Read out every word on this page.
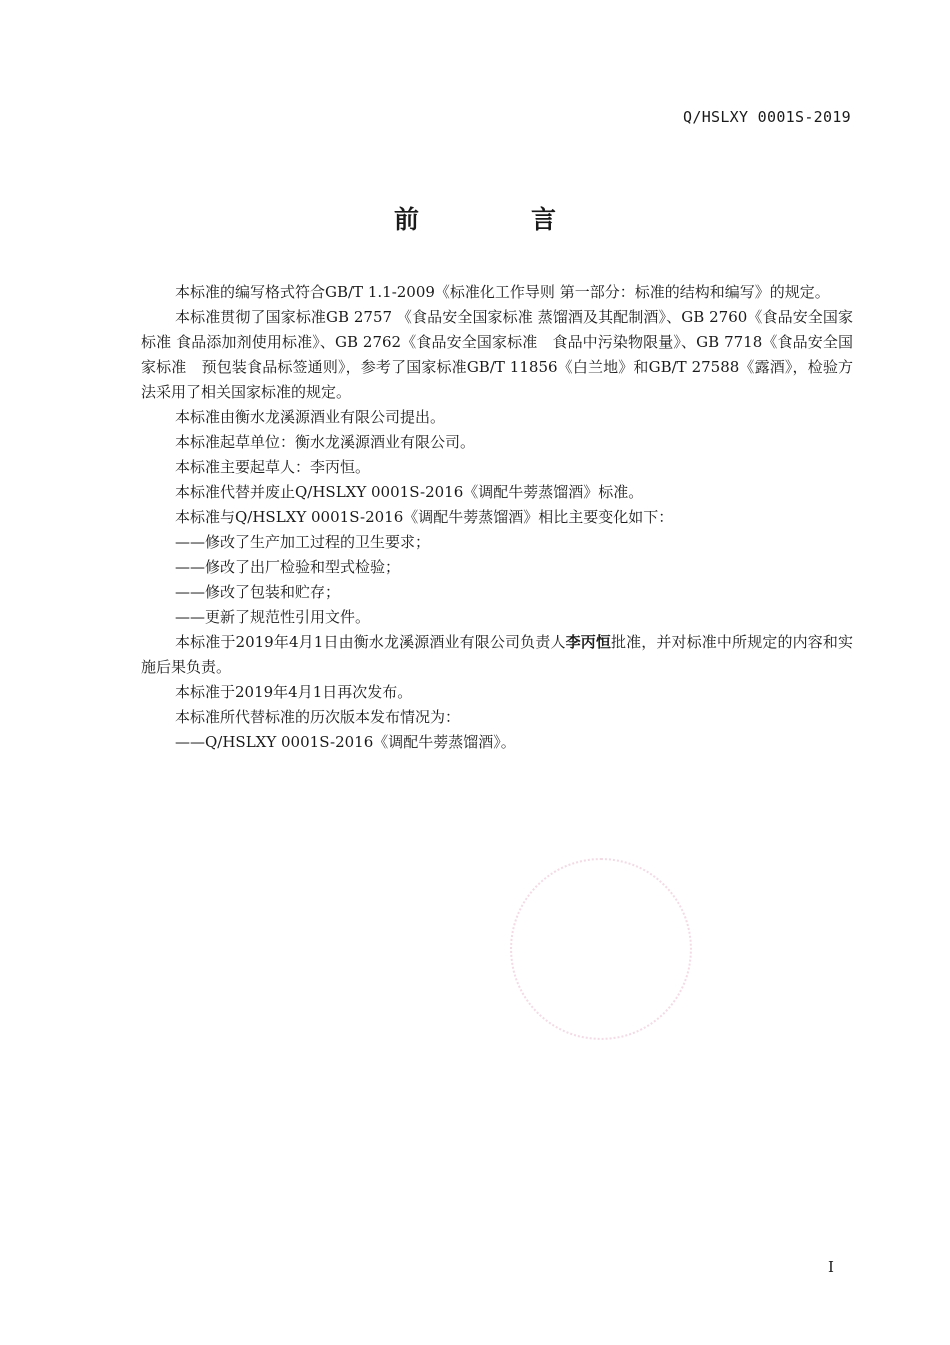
Q/HSLXY 0001S-2019
前	言

本标准的编写格式符合GB/T 1.1-2009《标准化工作导则 第一部分：标准的结构和编写》的规定。

本标准贯彻了国家标准GB 2757 《食品安全国家标准 蒸馏酒及其配制酒》、GB 2760《食品安全国家标准 食品添加剂使用标准》、GB 2762《食品安全国家标准　食品中污染物限量》、GB 7718《食品安全国家标准　预包装食品标签通则》，参考了国家标准GB/T 11856《白兰地》和GB/T 27588《露酒》，检验方法采用了相关国家标准的规定。

本标准由衡水龙溪源酒业有限公司提出。

本标准起草单位：衡水龙溪源酒业有限公司。

本标准主要起草人：李丙恒。

本标准代替并废止Q/HSLXY 0001S-2016《调配牛蒡蒸馏酒》标准。

本标准与Q/HSLXY 0001S-2016《调配牛蒡蒸馏酒》相比主要变化如下：

——修改了生产加工过程的卫生要求；

——修改了出厂检验和型式检验；

——修改了包装和贮存；

——更新了规范性引用文件。

本标准于2019年4月1日由衡水龙溪源酒业有限公司负责人李丙恒批准，并对标准中所规定的内容和实施后果负责。

本标准于2019年4月1日再次发布。

本标准所代替标准的历次版本发布情况为：

——Q/HSLXY 0001S-2016《调配牛蒡蒸馏酒》。

I
